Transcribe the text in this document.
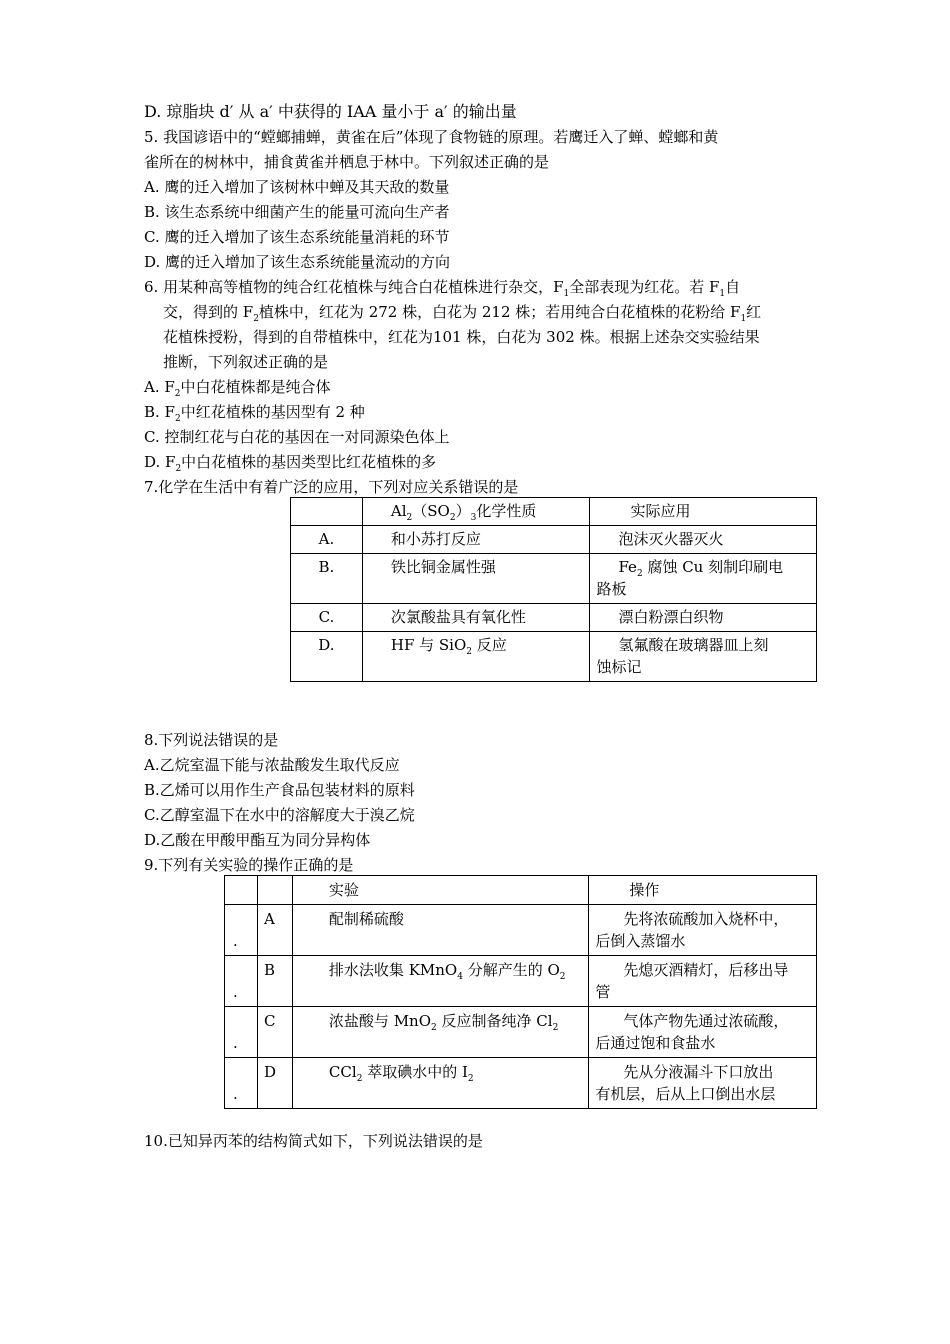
D. 琼脂块 d′ 从 a′ 中获得的 IAA 量小于 a′ 的输出量
5. 我国谚语中的“螳螂捕蝉，黄雀在后”体现了食物链的原理。若鹰迁入了蝉、螳螂和黄
雀所在的树林中，捕食黄雀并栖息于林中。下列叙述正确的是
A. 鹰的迁入增加了该树林中蝉及其天敌的数量
B. 该生态系统中细菌产生的能量可流向生产者
C. 鹰的迁入增加了该生态系统能量消耗的环节
D. 鹰的迁入增加了该生态系统能量流动的方向
6. 用某种高等植物的纯合红花植株与纯合白花植株进行杂交，$F_1$全部表现为红花。若 $F_1$自
交，得到的 $F_2$植株中，红花为 272 株，白花为 212 株；若用纯合白花植株的花粉给 $F_1$红
花植株授粉，得到的自带植株中，红花为101 株，白花为 302 株。根据上述杂交实验结果
推断，下列叙述正确的是
A. $F_2$中白花植株都是纯合体
B. $F_2$中红花植株的基因型有 2 种
C. 控制红花与白花的基因在一对同源染色体上
D. $F_2$中白花植株的基因类型比红花植株的多
7.化学在生活中有着广泛的应用，下列对应关系错误的是
	$Al_2(SO_2)_3$化学性质	实际应用
A.	和小苏打反应	泡沫灭火器灭火
B.	铁比铜金属性强	$Fe_2$ 腐蚀 Cu 刻制印刷电
路板

C.	次氯酸盐具有氧化性	漂白粉漂白织物
D.	HF 与 SiO$_2$ 反应	氢氟酸在玻璃器皿上刻
蚀标记
8.下列说法错误的是
A.乙烷室温下能与浓盐酸发生取代反应
B.乙烯可以用作生产食品包装材料的原料
C.乙醇室温下在水中的溶解度大于溴乙烷
D.乙酸在甲酸甲酯互为同分异构体
9.下列有关实验的操作正确的是
		实验	操作
.	A	配制稀硫酸	先将浓硫酸加入烧杯中，
后倒入蒸馏水

.	B	排水法收集 KMnO$_4$ 分解产生的 $O_2$	先熄灭酒精灯，后移出导
管

.	C	浓盐酸与 MnO$_2$ 反应制备纯净 $Cl_2$	气体产物先通过浓硫酸，
后通过饱和食盐水

.	D	CCl$_2$ 萃取碘水中的 $I_2$	先从分液漏斗下口放出
有机层，后从上口倒出水层
10.已知异丙苯的结构简式如下，下列说法错误的是
